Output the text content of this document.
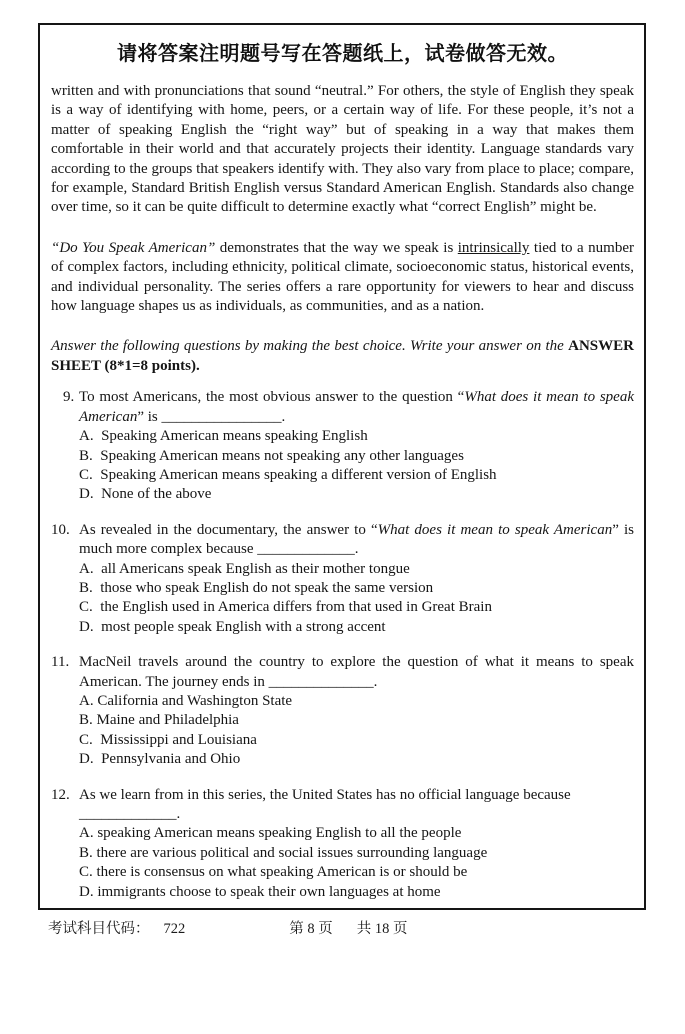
请将答案注明题号写在答题纸上，试卷做答无效。

written and with pronunciations that sound “neutral.” For others, the style of English they speak is a way of identifying with home, peers, or a certain way of life. For these people, it’s not a matter of speaking English the “right way” but of speaking in a way that makes them comfortable in their world and that accurately projects their identity. Language standards vary according to the groups that speakers identify with. They also vary from place to place; compare, for example, Standard British English versus Standard American English. Standards also change over time, so it can be quite difficult to determine exactly what “correct English” might be.

“Do You Speak American” demonstrates that the way we speak is intrinsically tied to a number of complex factors, including ethnicity, political climate, socioeconomic status, historical events, and individual personality. The series offers a rare opportunity for viewers to hear and discuss how language shapes us as individuals, as communities, and as a nation.

Answer the following questions by making the best choice. Write your answer on the ANSWER SHEET (8*1=8 points).

9. To most Americans, the most obvious answer to the question “What does it mean to speak American” is ________________.
A.  Speaking American means speaking English
B.  Speaking American means not speaking any other languages
C.  Speaking American means speaking a different version of English
D.  None of the above
10. As revealed in the documentary, the answer to “What does it mean to speak American” is much more complex because _____________.
A.  all Americans speak English as their mother tongue
B.  those who speak English do not speak the same version
C.  the English used in America differs from that used in Great Brain
D.  most people speak English with a strong accent
11. MacNeil travels around the country to explore the question of what it means to speak American. The journey ends in ______________.
A. California and Washington State
B. Maine and Philadelphia
C.  Mississippi and Louisiana
D.  Pennsylvania and Ohio
12. As we learn from in this series, the United States has no official language because
_____________.
A. speaking American means speaking English to all the people
B. there are various political and social issues surrounding language
C. there is consensus on what speaking American is or should be
D. immigrants choose to speak their own languages at home
考试科目代码： 722	第 8 页 共 18 页
